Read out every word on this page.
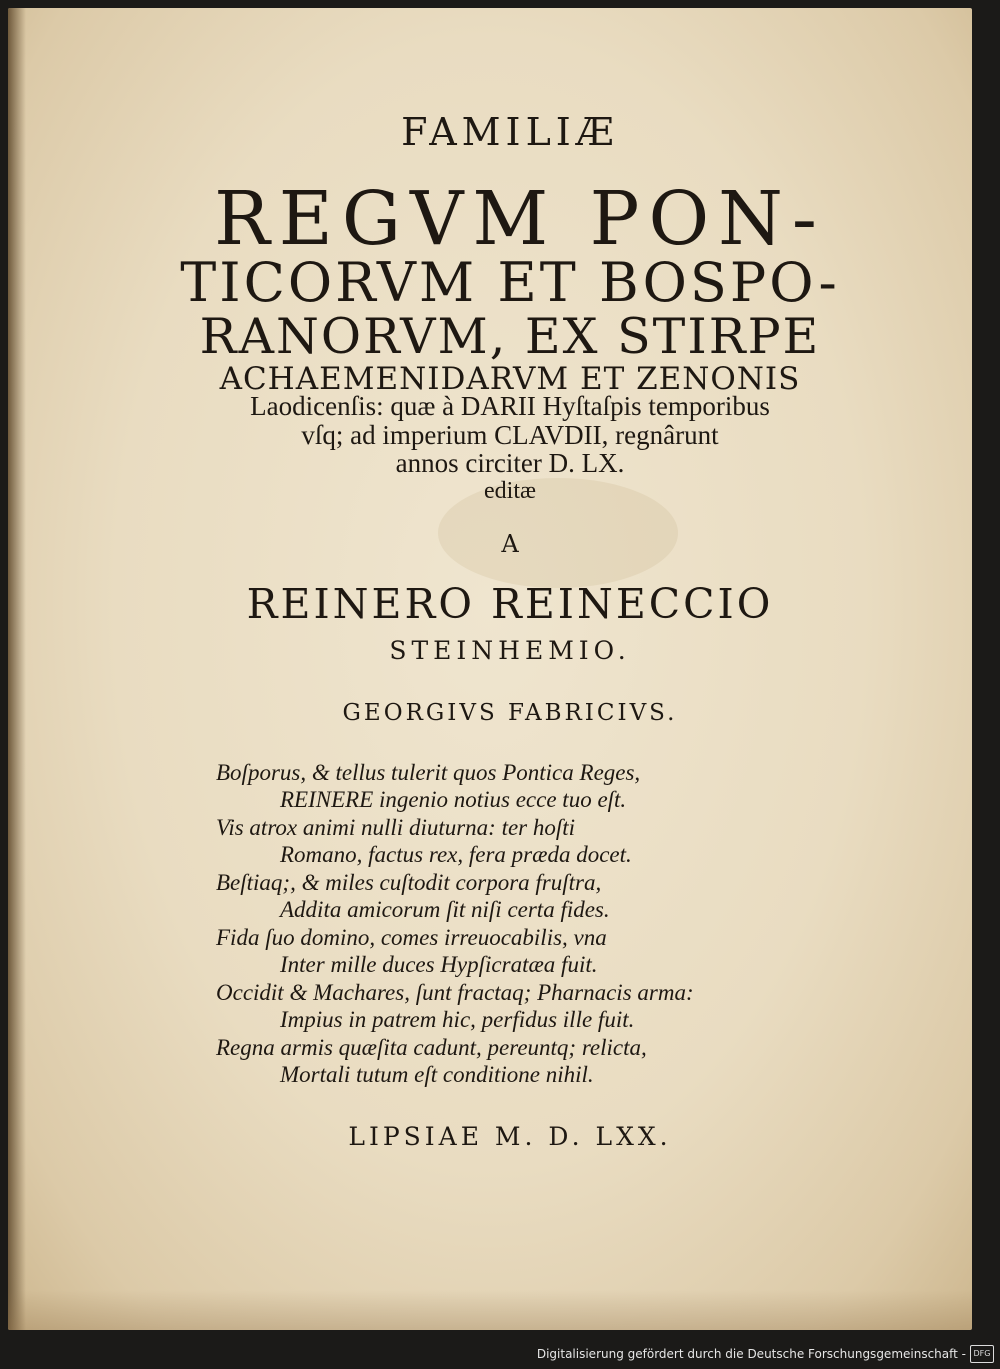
FAMILIÆ
REGVM PON-
TICORVM ET BOSPO-
RANORVM, EX STIRPE
ACHAEMENIDARVM ET ZENONIS
Laodicenſis: quæ à DARII Hyſtaſpis temporibus
vſq; ad imperium CLAVDII, regnârunt
annos circiter D. LX.
editæ
A
REINERO REINECCIO
STEINHEMIO.
GEORGIVS FABRICIVS.
Boſporus, & tellus tulerit quos Pontica Reges,
REINERE ingenio notius ecce tuo eſt.
Vis atrox animi nulli diuturna: ter hoſti
Romano, factus rex, fera præda docet.
Beſtiaq;, & miles cuſtodit corpora fruſtra,
Addita amicorum ſit niſi certa fides.
Fida ſuo domino, comes irreuocabilis, vna
Inter mille duces Hypſicratæa fuit.
Occidit & Machares, ſunt fractaq; Pharnacis arma:
Impius in patrem hic, perfidus ille fuit.
Regna armis quæſita cadunt, pereuntq; relicta,
Mortali tutum eſt conditione nihil.
LIPSIAE M. D. LXX.
Digitalisierung gefördert durch die Deutsche Forschungsgemeinschaft - DFG
